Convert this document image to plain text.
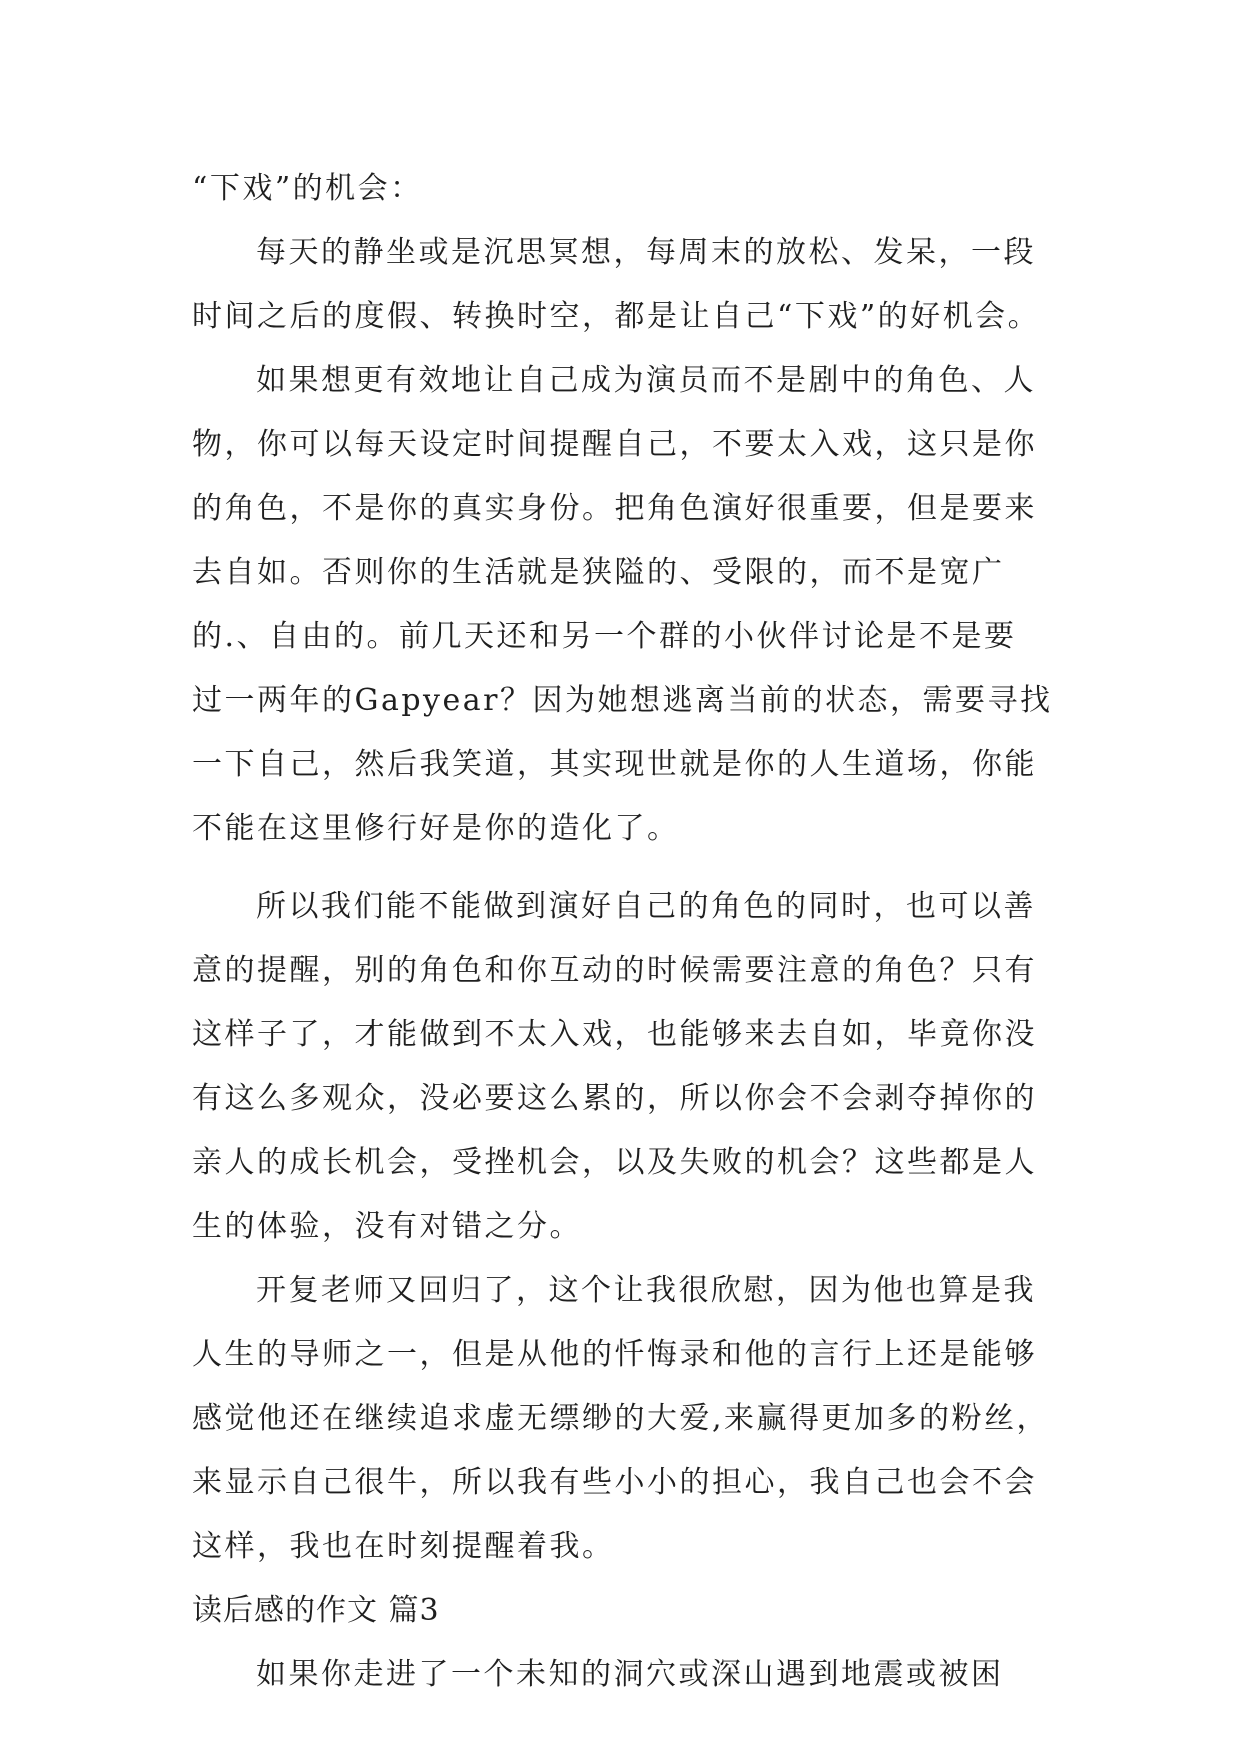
“下戏”的机会：
每天的静坐或是沉思冥想，每周末的放松、发呆，一段
时间之后的度假、转换时空，都是让自己“下戏”的好机会。
如果想更有效地让自己成为演员而不是剧中的角色、人
物，你可以每天设定时间提醒自己，不要太入戏，这只是你
的角色，不是你的真实身份。把角色演好很重要，但是要来
去自如。否则你的生活就是狭隘的、受限的，而不是宽广
的.、自由的。前几天还和另一个群的小伙伴讨论是不是要
过一两年的Gapyear？因为她想逃离当前的状态，需要寻找
一下自己，然后我笑道，其实现世就是你的人生道场，你能
不能在这里修行好是你的造化了。
所以我们能不能做到演好自己的角色的同时，也可以善
意的提醒，别的角色和你互动的时候需要注意的角色？只有
这样子了，才能做到不太入戏，也能够来去自如，毕竟你没
有这么多观众，没必要这么累的，所以你会不会剥夺掉你的
亲人的成长机会，受挫机会，以及失败的机会？这些都是人
生的体验，没有对错之分。
开复老师又回归了，这个让我很欣慰，因为他也算是我
人生的导师之一，但是从他的忏悔录和他的言行上还是能够
感觉他还在继续追求虚无缥缈的大爱,来赢得更加多的粉丝，
来显示自己很牛，所以我有些小小的担心，我自己也会不会
这样，我也在时刻提醒着我。
读后感的作文 篇3
如果你走进了一个未知的洞穴或深山遇到地震或被困
